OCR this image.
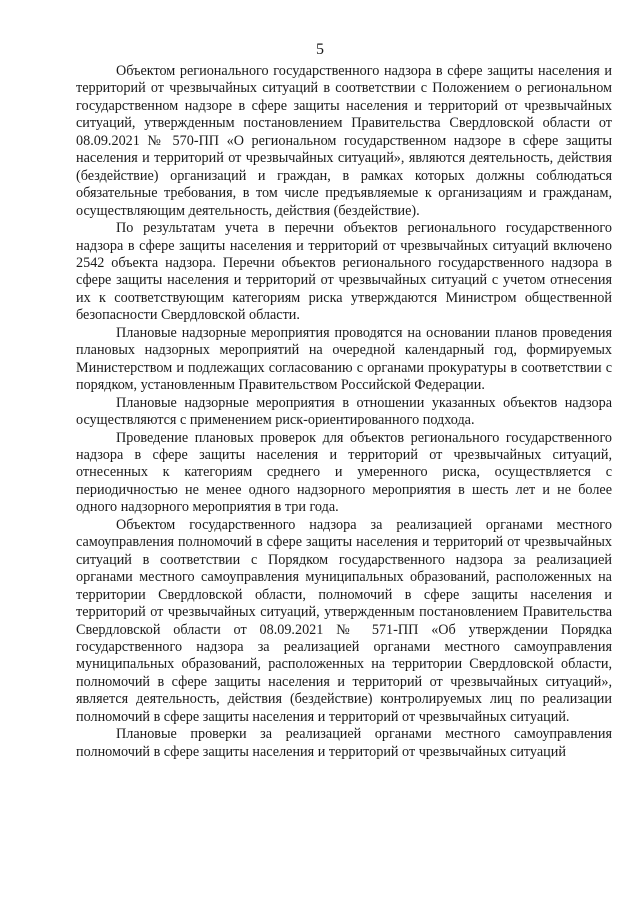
5

Объектом регионального государственного надзора в сфере защиты населения и территорий от чрезвычайных ситуаций в соответствии с Положением о региональном государственном надзоре в сфере защиты населения и территорий от чрезвычайных ситуаций, утвержденным постановлением Правительства Свердловской области от 08.09.2021 № 570-ПП «О региональном государственном надзоре в сфере защиты населения и территорий от чрезвычайных ситуаций», являются деятельность, действия (бездействие) организаций и граждан, в рамках которых должны соблюдаться обязательные требования, в том числе предъявляемые к организациям и гражданам, осуществляющим деятельность, действия (бездействие).

По результатам учета в перечни объектов регионального государственного надзора в сфере защиты населения и территорий от чрезвычайных ситуаций включено 2542 объекта надзора. Перечни объектов регионального государственного надзора в сфере защиты населения и территорий от чрезвычайных ситуаций с учетом отнесения их к соответствующим категориям риска утверждаются Министром общественной безопасности Свердловской области.

Плановые надзорные мероприятия проводятся на основании планов проведения плановых надзорных мероприятий на очередной календарный год, формируемых Министерством и подлежащих согласованию с органами прокуратуры в соответствии с порядком, установленным Правительством Российской Федерации.

Плановые надзорные мероприятия в отношении указанных объектов надзора осуществляются с применением риск-ориентированного подхода.

Проведение плановых проверок для объектов регионального государственного надзора в сфере защиты населения и территорий от чрезвычайных ситуаций, отнесенных к категориям среднего и умеренного риска, осуществляется с периодичностью не менее одного надзорного мероприятия в шесть лет и не более одного надзорного мероприятия в три года.

Объектом государственного надзора за реализацией органами местного самоуправления полномочий в сфере защиты населения и территорий от чрезвычайных ситуаций в соответствии с Порядком государственного надзора за реализацией органами местного самоуправления муниципальных образований, расположенных на территории Свердловской области, полномочий в сфере защиты населения и территорий от чрезвычайных ситуаций, утвержденным постановлением Правительства Свердловской области от 08.09.2021 № 571-ПП «Об утверждении Порядка государственного надзора за реализацией органами местного самоуправления муниципальных образований, расположенных на территории Свердловской области, полномочий в сфере защиты населения и территорий от чрезвычайных ситуаций», является деятельность, действия (бездействие) контролируемых лиц по реализации полномочий в сфере защиты населения и территорий от чрезвычайных ситуаций.

Плановые проверки за реализацией органами местного самоуправления полномочий в сфере защиты населения и территорий от чрезвычайных ситуаций
